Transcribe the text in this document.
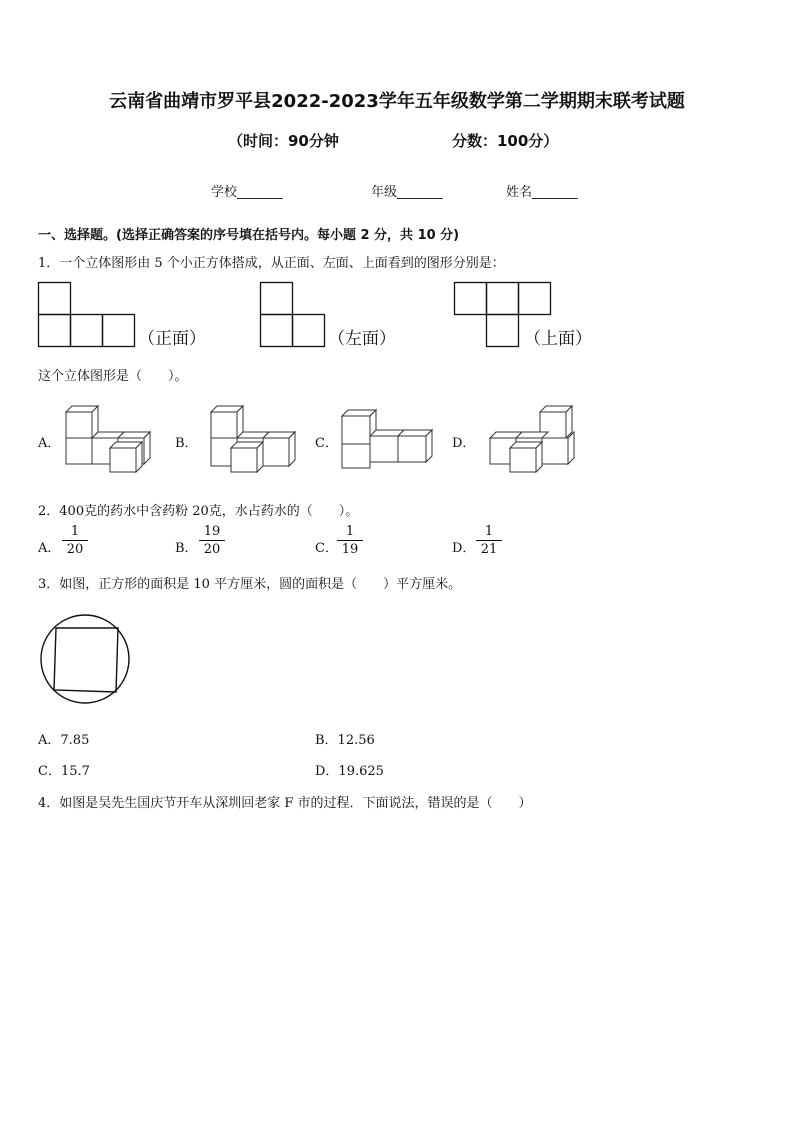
云南省曲靖市罗平县2022-2023学年五年级数学第二学期期末联考试题
（时间：90分钟	分数：100分）
学校_______	年级_______	姓名_______
一、选择题。(选择正确答案的序号填在括号内。每小题 2 分，共 10 分)
1．一个立体图形由 5 个小正方体搭成，从正面、左面、上面看到的图形分别是：
（正面）	（左面）	（上面）
这个立体图形是（　　）。
A．	B．	C．	D．
2．400克的药水中含药粉 20克，水占药水的（　　）。
A． $\frac{1}{20}$	B． $\frac{19}{20}$	C． $\frac{1}{19}$	D． $\frac{1}{21}$
3．如图，正方形的面积是 10 平方厘米，圆的面积是（　　）平方厘米。
A．7.85	B．12.56
C．15.7	D．19.625
4．如图是吴先生国庆节开车从深圳回老家 F 市的过程．下面说法，错误的是（　　）
